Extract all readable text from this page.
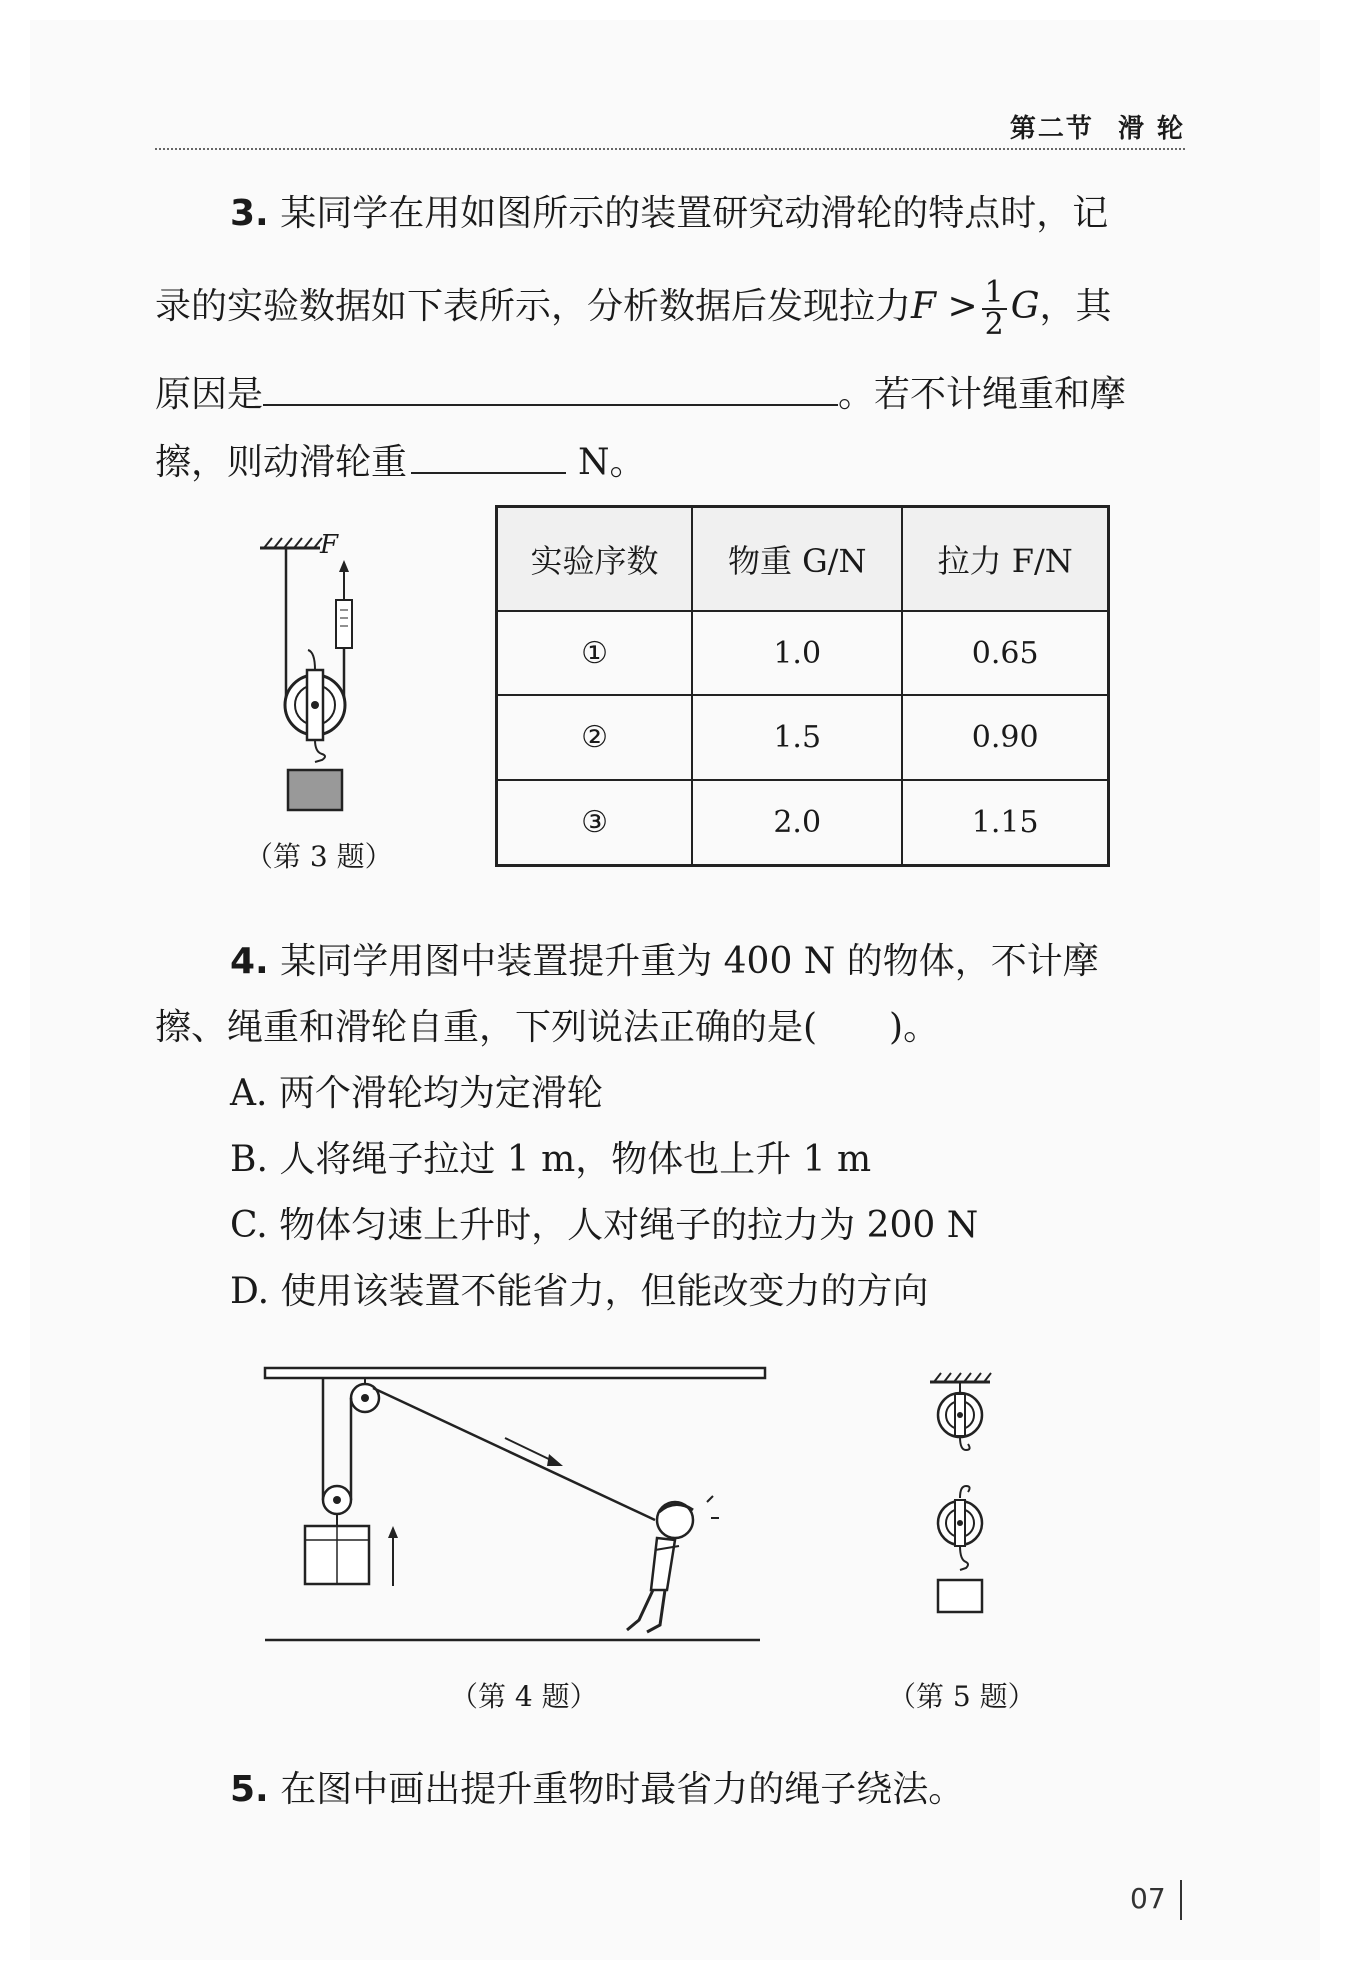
第二节 滑 轮
3. 某同学在用如图所示的装置研究动滑轮的特点时，记
录的实验数据如下表所示，分析数据后发现拉力$F > \frac{1}{2}$ G，其
原因是	。若不计绳重和摩
擦，则动滑轮重	N。
F
（第 3 题）
实验序数	物重 G/N	拉力 F/N
①	1.0	0.65
②	1.5	0.90
③	2.0	1.15
4. 某同学用图中装置提升重为 400 N 的物体，不计摩
擦、绳重和滑轮自重，下列说法正确的是(　　)。
A. 两个滑轮均为定滑轮
B. 人将绳子拉过 1 m，物体也上升 1 m
C. 物体匀速上升时，人对绳子的拉力为 200 N
D. 使用该装置不能省力，但能改变力的方向
（第 4 题）	（第 5 题）
5. 在图中画出提升重物时最省力的绳子绕法。
07
